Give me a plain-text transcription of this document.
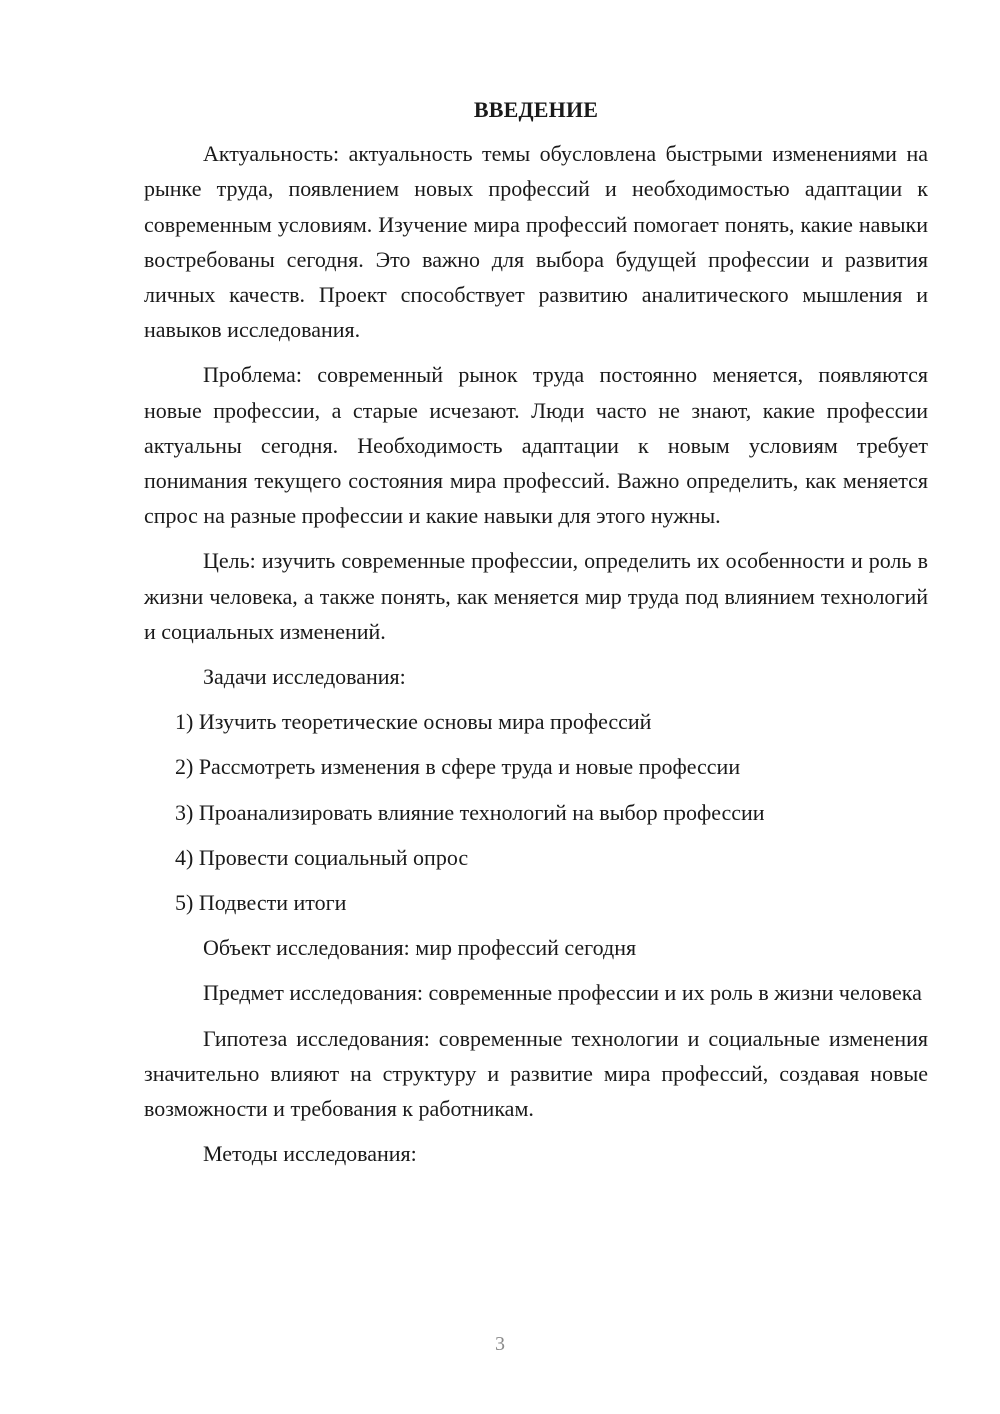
ВВЕДЕНИЕ

Актуальность: актуальность темы обусловлена быстрыми изменениями на рынке труда, появлением новых профессий и необходимостью адаптации к современным условиям. Изучение мира профессий помогает понять, какие навыки востребованы сегодня. Это важно для выбора будущей профессии и развития личных качеств. Проект способствует развитию аналитического мышления и навыков исследования.

Проблема: современный рынок труда постоянно меняется, появляются новые профессии, а старые исчезают. Люди часто не знают, какие профессии актуальны сегодня. Необходимость адаптации к новым условиям требует понимания текущего состояния мира профессий. Важно определить, как меняется спрос на разные профессии и какие навыки для этого нужны.

Цель: изучить современные профессии, определить их особенности и роль в жизни человека, а также понять, как меняется мир труда под влиянием технологий и социальных изменений.

Задачи исследования:
1) Изучить теоретические основы мира профессий
2) Рассмотреть изменения в сфере труда и новые профессии
3) Проанализировать влияние технологий на выбор профессии
4) Провести социальный опрос
5) Подвести итоги
Объект исследования: мир профессий сегодня

Предмет исследования: современные профессии и их роль в жизни человека

Гипотеза исследования: современные технологии и социальные изменения значительно влияют на структуру и развитие мира профессий, создавая новые возможности и требования к работникам.

Методы исследования:
3
